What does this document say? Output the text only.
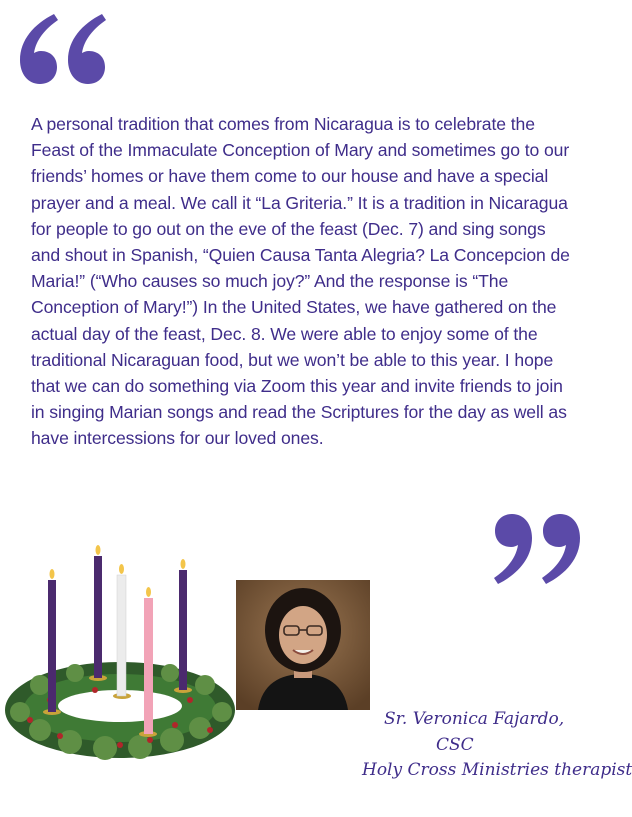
A personal tradition that comes from Nicaragua is to celebrate the Feast of the Immaculate Conception of Mary and sometimes go to our friends’ homes or have them come to our house and have a special prayer and a meal. We call it “La Griteria.” It is a tradition in Nicaragua for people to go out on the eve of the feast (Dec. 7) and sing songs and shout in Spanish, “Quien Causa Tanta Alegria? La Concepcion de Maria!” (“Who causes so much joy?” And the response is “The Conception of Mary!”) In the United States, we have gathered on the actual day of the feast, Dec. 8. We were able to enjoy some of the traditional Nicaraguan food, but we won’t be able to this year. I hope that we can do something via Zoom this year and invite friends to join in singing Marian songs and read the Scriptures for the day as well as have intercessions for our loved ones.

Sr. Veronica Fajardo,
CSC
Holy Cross Ministries therapist
